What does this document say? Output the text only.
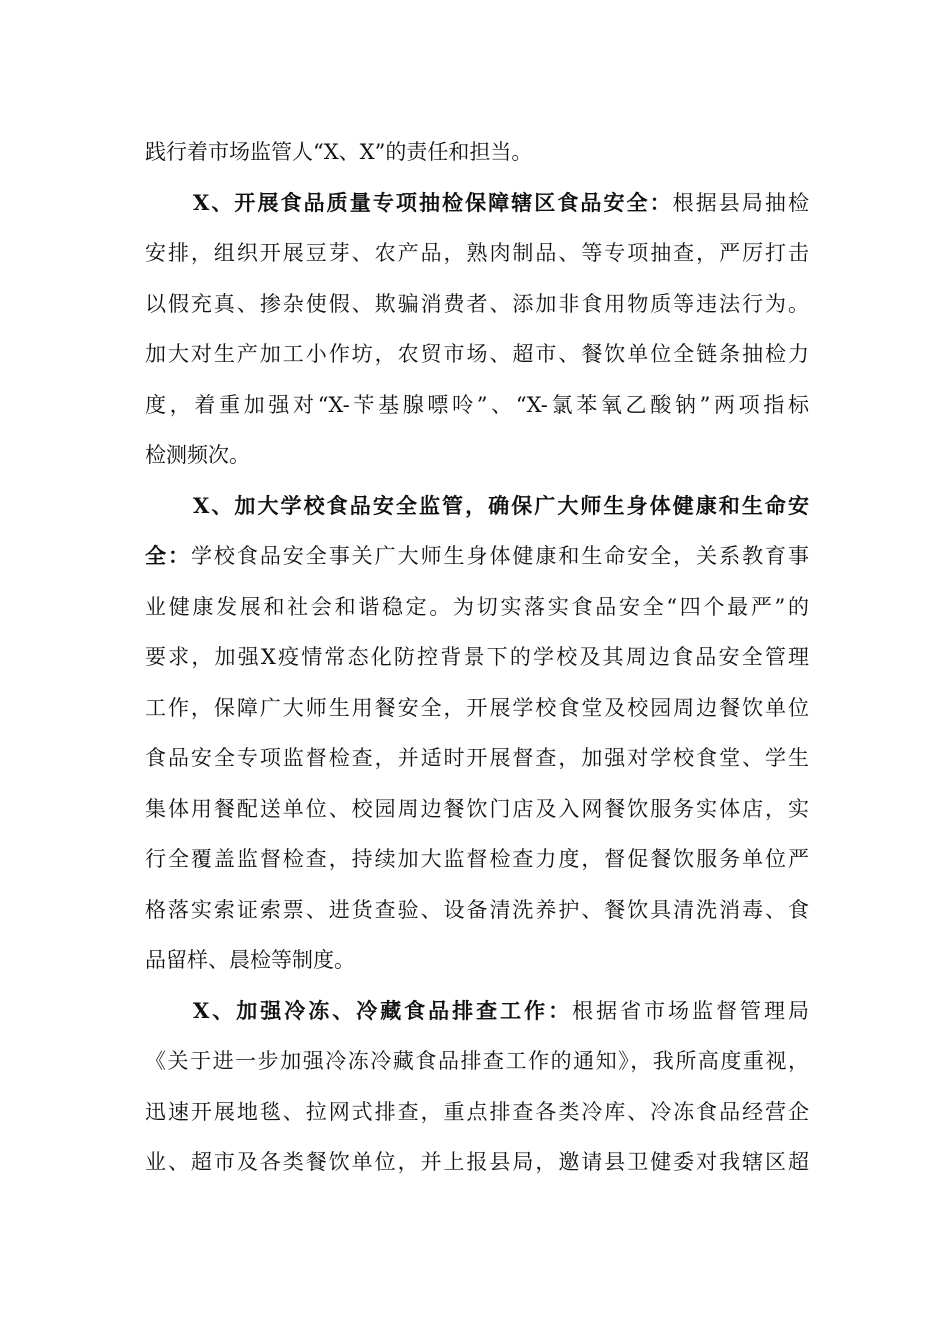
践行着市场监管人“X、X”的责任和担当。
X、开展食品质量专项抽检保障辖区食品安全：根据县局抽检
安排，组织开展豆芽、农产品，熟肉制品、等专项抽查，严厉打击
以假充真、掺杂使假、欺骗消费者、添加非食用物质等违法行为。
加大对生产加工小作坊，农贸市场、超市、餐饮单位全链条抽检力
度，着重加强对“X-苄基腺嘌呤”、“X-氯苯氧乙酸钠”两项指标
检测频次。
X、加大学校食品安全监管，确保广大师生身体健康和生命安
全：学校食品安全事关广大师生身体健康和生命安全，关系教育事
业健康发展和社会和谐稳定。为切实落实食品安全“四个最严”的
要求，加强X疫情常态化防控背景下的学校及其周边食品安全管理
工作，保障广大师生用餐安全，开展学校食堂及校园周边餐饮单位
食品安全专项监督检查，并适时开展督查，加强对学校食堂、学生
集体用餐配送单位、校园周边餐饮门店及入网餐饮服务实体店，实
行全覆盖监督检查，持续加大监督检查力度，督促餐饮服务单位严
格落实索证索票、进货查验、设备清洗养护、餐饮具清洗消毒、食
品留样、晨检等制度。
X、加强冷冻、冷藏食品排查工作：根据省市场监督管理局
《关于进一步加强冷冻冷藏食品排查工作的通知》，我所高度重视，
迅速开展地毯、拉网式排查，重点排查各类冷库、冷冻食品经营企
业、超市及各类餐饮单位，并上报县局，邀请县卫健委对我辖区超
